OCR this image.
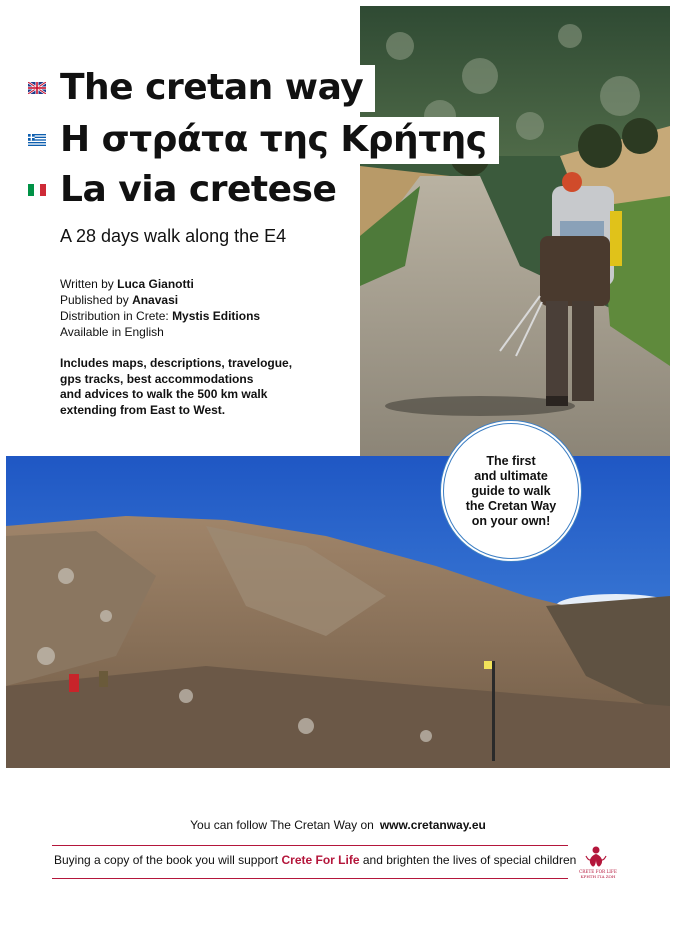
The cretan way
Η στράτα της Κρήτης
La via cretese
A 28 days walk along the E4
Written by Luca Gianotti
Published by Anavasi
Distribution in Crete: Mystis Editions
Available in English
Includes maps, descriptions, travelogue,
gps tracks, best accommodations
and advices to walk the 500 km walk
extending from East to West.
The first
and ultimate
guide to walk
the Cretan Way
on your own!
You can follow The Cretan Way on www.cretanway.eu
Buying a copy of the book you will support Crete For Life and brighten the lives of special children
CRETE FOR LIFE
ΚΡΗΤΗ ΓΙΑ ΖΩΗ
